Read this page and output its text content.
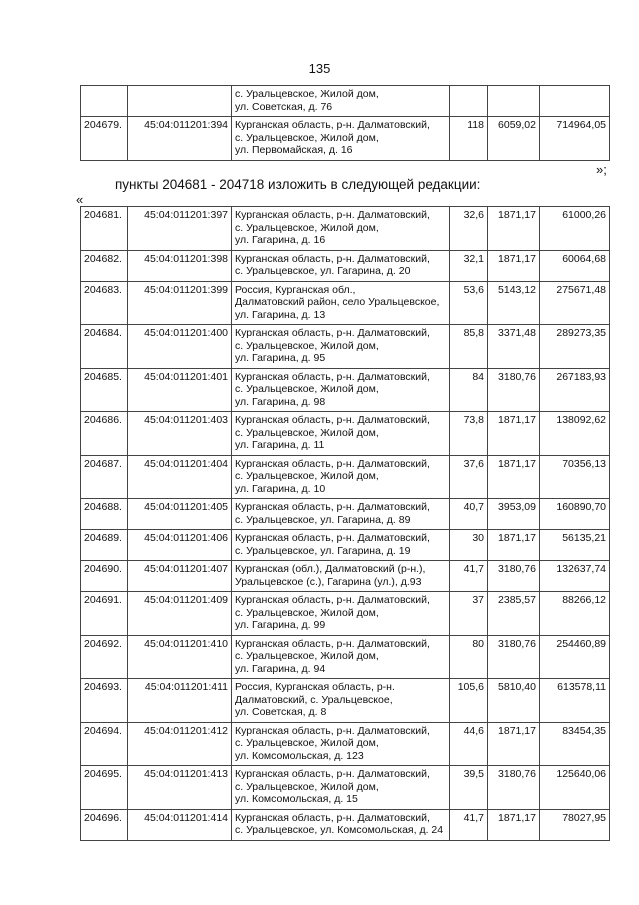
135
		с. Уральцевское, Жилой дом,
ул. Советская, д. 76			
204679.	45:04:011201:394	Курганская область, р-н. Далматовский,
с. Уральцевское, Жилой дом,
ул. Первомайская, д. 16	118	6059,02	714964,05
»;
пункты 204681 - 204718 изложить в следующей редакции:
«
204681.	45:04:011201:397	Курганская область, р-н. Далматовский,
с. Уральцевское, Жилой дом,
ул. Гагарина, д. 16	32,6	1871,17	61000,26
204682.	45:04:011201:398	Курганская область, р-н. Далматовский,
с. Уральцевское, ул. Гагарина, д. 20	32,1	1871,17	60064,68
204683.	45:04:011201:399	Россия, Курганская обл.,
Далматовский район, село Уральцевское,
ул. Гагарина, д. 13	53,6	5143,12	275671,48
204684.	45:04:011201:400	Курганская область, р-н. Далматовский,
с. Уральцевское, Жилой дом,
ул. Гагарина, д. 95	85,8	3371,48	289273,35
204685.	45:04:011201:401	Курганская область, р-н. Далматовский,
с. Уральцевское, Жилой дом,
ул. Гагарина, д. 98	84	3180,76	267183,93
204686.	45:04:011201:403	Курганская область, р-н. Далматовский,
с. Уральцевское, Жилой дом,
ул. Гагарина, д. 11	73,8	1871,17	138092,62
204687.	45:04:011201:404	Курганская область, р-н. Далматовский,
с. Уральцевское, Жилой дом,
ул. Гагарина, д. 10	37,6	1871,17	70356,13
204688.	45:04:011201:405	Курганская область, р-н. Далматовский,
с. Уральцевское, ул. Гагарина, д. 89	40,7	3953,09	160890,70
204689.	45:04:011201:406	Курганская область, р-н. Далматовский,
с. Уральцевское, ул. Гагарина, д. 19	30	1871,17	56135,21
204690.	45:04:011201:407	Курганская (обл.), Далматовский (р-н.),
Уральцевское (с.), Гагарина (ул.), д.93	41,7	3180,76	132637,74
204691.	45:04:011201:409	Курганская область, р-н. Далматовский,
с. Уральцевское, Жилой дом,
ул. Гагарина, д. 99	37	2385,57	88266,12
204692.	45:04:011201:410	Курганская область, р-н. Далматовский,
с. Уральцевское, Жилой дом,
ул. Гагарина, д. 94	80	3180,76	254460,89
204693.	45:04:011201:411	Россия, Курганская область, р-н.
Далматовский, с. Уральцевское,
ул. Советская, д. 8	105,6	5810,40	613578,11
204694.	45:04:011201:412	Курганская область, р-н. Далматовский,
с. Уральцевское, Жилой дом,
ул. Комсомольская, д. 123	44,6	1871,17	83454,35
204695.	45:04:011201:413	Курганская область, р-н. Далматовский,
с. Уральцевское, Жилой дом,
ул. Комсомольская, д. 15	39,5	3180,76	125640,06
204696.	45:04:011201:414	Курганская область, р-н. Далматовский,
с. Уральцевское, ул. Комсомольская, д. 24	41,7	1871,17	78027,95
